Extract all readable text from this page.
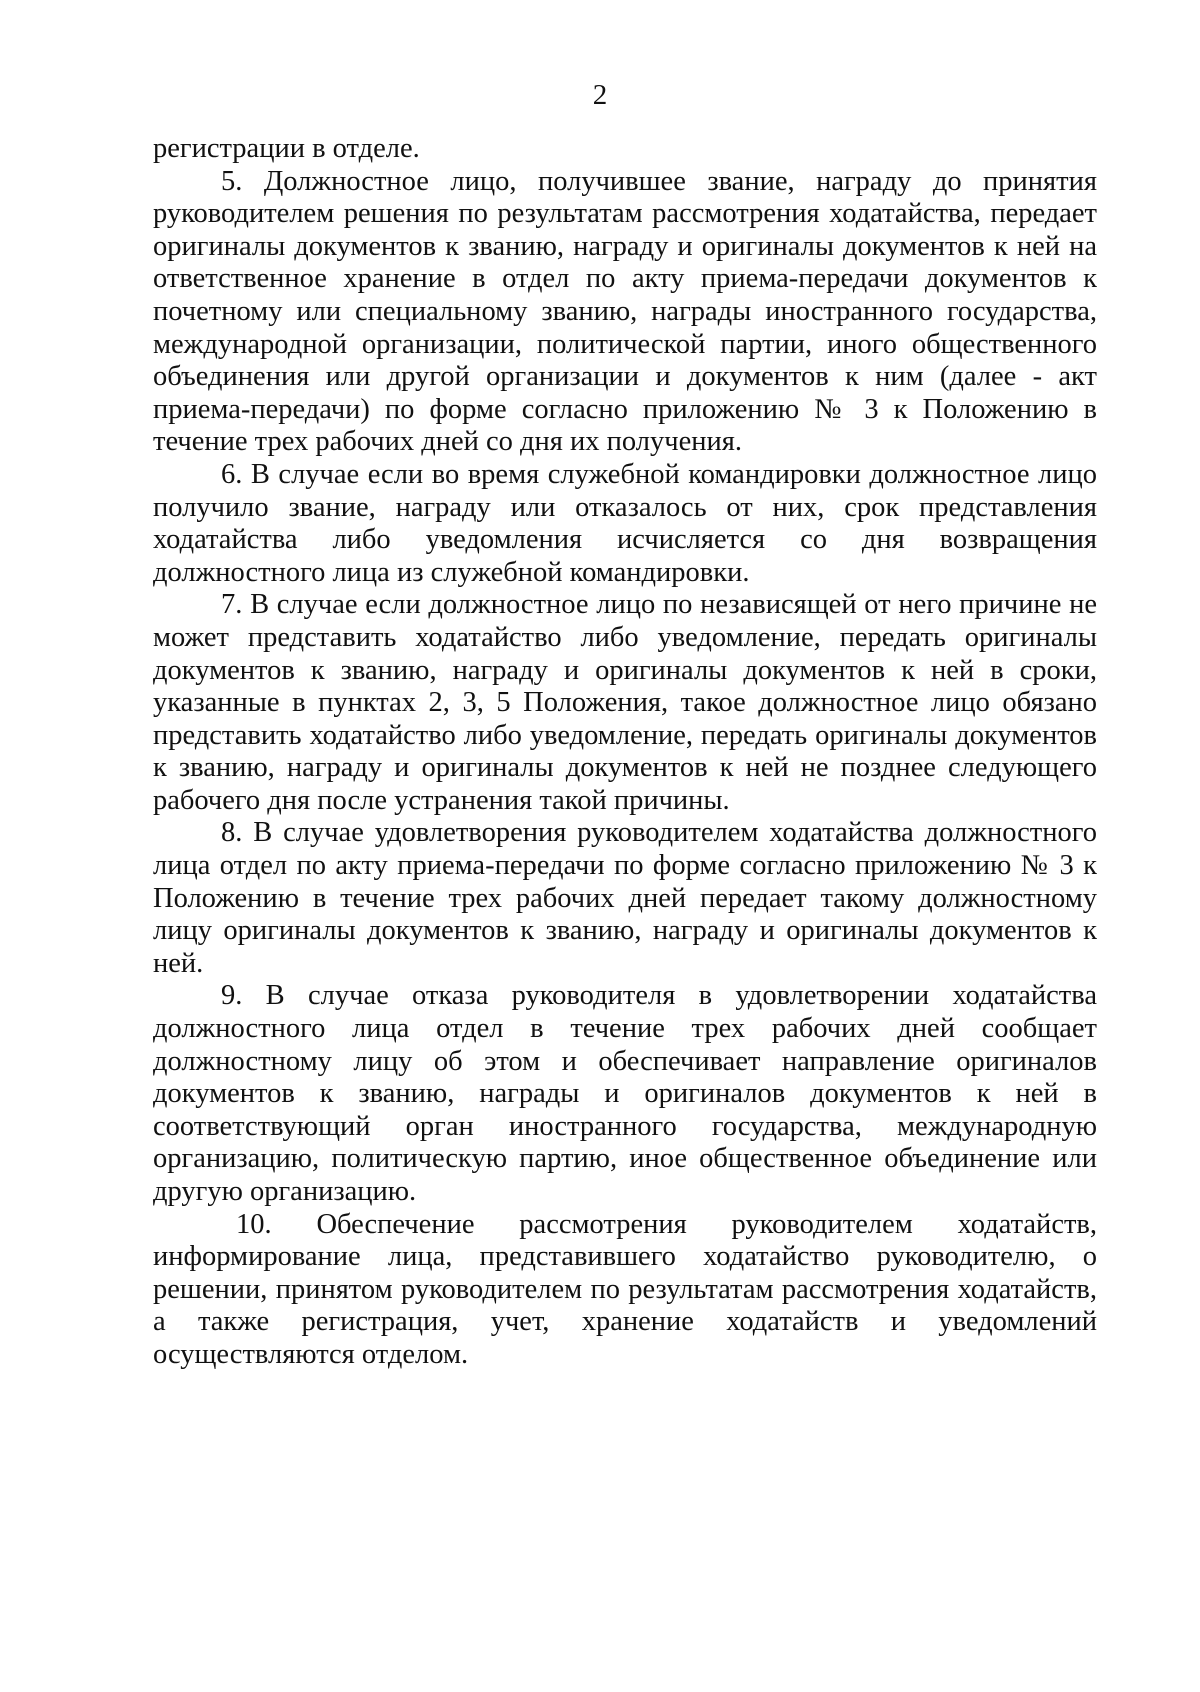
2

регистрации в отделе.

5. Должностное лицо, получившее звание, награду до принятия руководителем решения по результатам рассмотрения ходатайства, передает оригиналы документов к званию, награду и оригиналы документов к ней на ответственное хранение в отдел по акту приема-передачи документов к почетному или специальному званию, награды иностранного государства, международной организации, политической партии, иного общественного объединения или другой организации и документов к ним (далее - акт приема-передачи) по форме согласно приложению № 3 к Положению в течение трех рабочих дней со дня их получения.

6. В случае если во время служебной командировки должностное лицо получило звание, награду или отказалось от них, срок представления ходатайства либо уведомления исчисляется со дня возвращения должностного лица из служебной командировки.

7. В случае если должностное лицо по независящей от него причине не может представить ходатайство либо уведомление, передать оригиналы документов к званию, награду и оригиналы документов к ней в сроки, указанные в пунктах 2, 3, 5 Положения, такое должностное лицо обязано представить ходатайство либо уведомление, передать оригиналы документов к званию, награду и оригиналы документов к ней не позднее следующего рабочего дня после устранения такой причины.

8. В случае удовлетворения руководителем ходатайства должностного лица отдел по акту приема-передачи по форме согласно приложению № 3 к Положению в течение трех рабочих дней передает такому должностному лицу оригиналы документов к званию, награду и оригиналы документов к ней.

9. В случае отказа руководителя в удовлетворении ходатайства должностного лица отдел в течение трех рабочих дней сообщает должностному лицу об этом и обеспечивает направление оригиналов документов к званию, награды и оригиналов документов к ней в соответствующий орган иностранного государства, международную организацию, политическую партию, иное общественное объединение или другую организацию.

10. Обеспечение рассмотрения руководителем ходатайств, информирование лица, представившего ходатайство руководителю, о решении, принятом руководителем по результатам рассмотрения ходатайств, а также регистрация, учет, хранение ходатайств и уведомлений осуществляются отделом.
